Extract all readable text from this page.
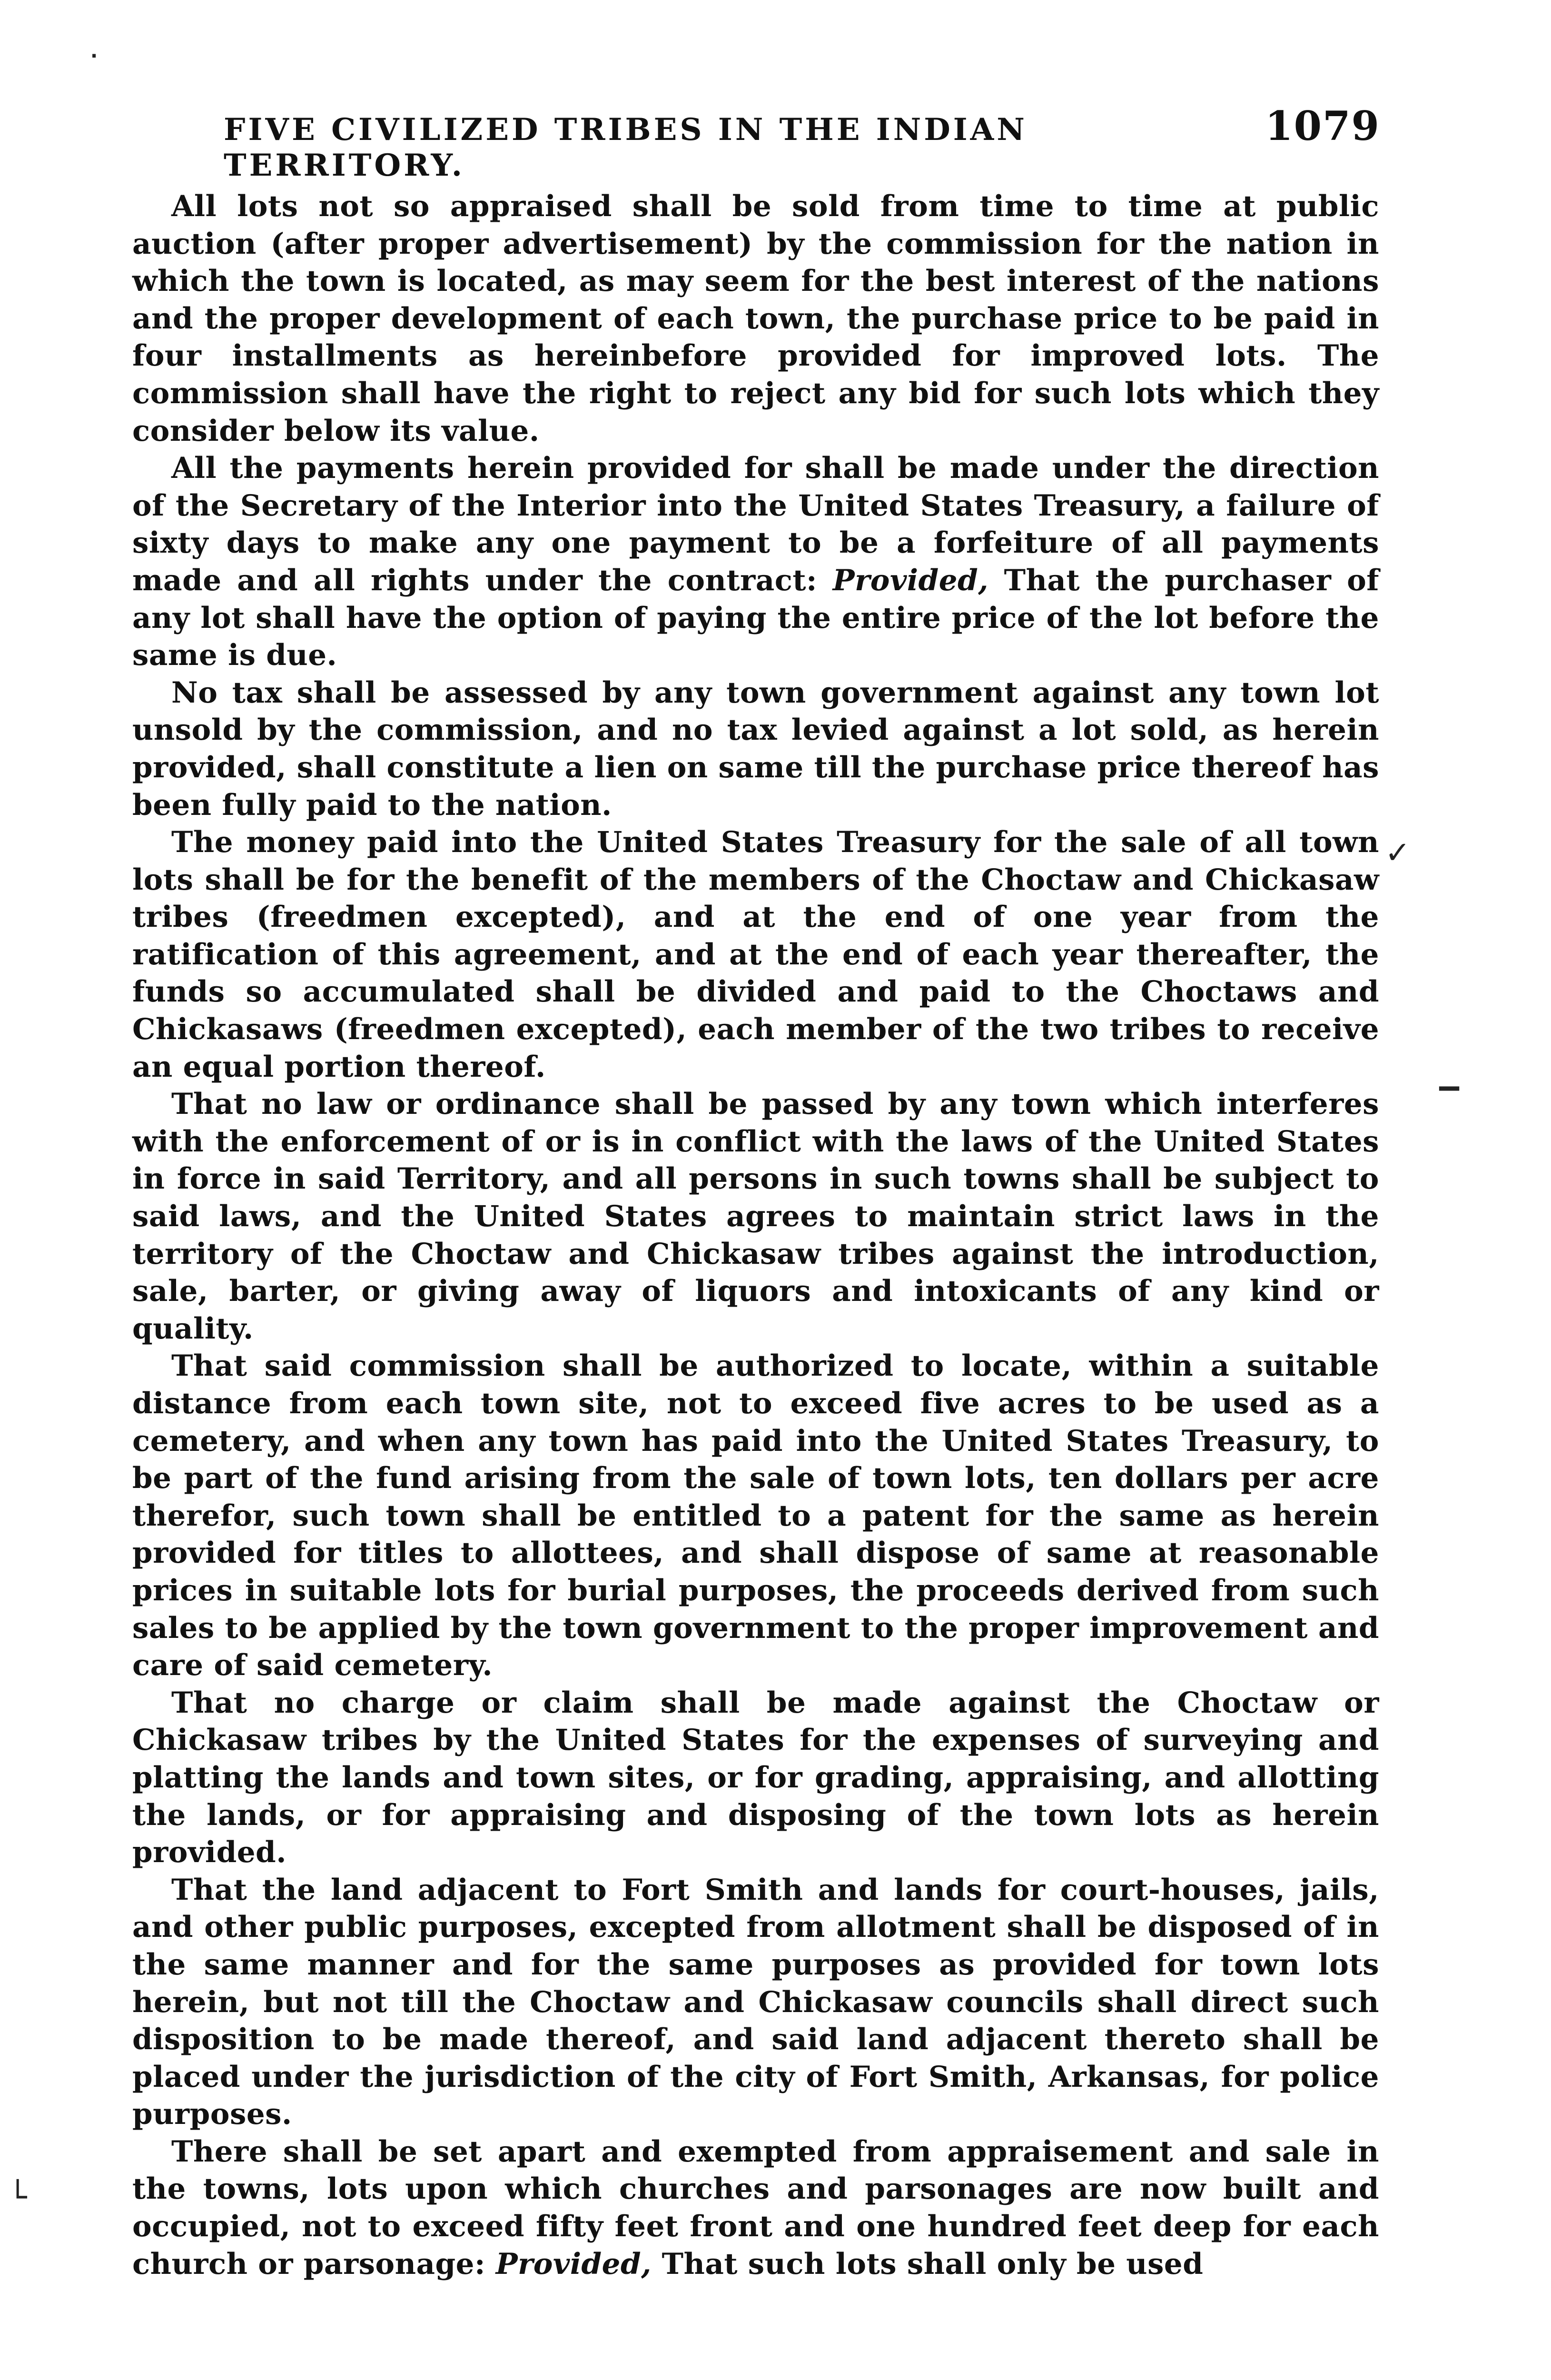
·
FIVE CIVILIZED TRIBES IN THE INDIAN TERRITORY.
1079

All lots not so appraised shall be sold from time to time at public auction (after proper advertisement) by the commission for the nation in which the town is located, as may seem for the best interest of the nations and the proper development of each town, the purchase price to be paid in four installments as hereinbefore provided for improved lots. The commission shall have the right to reject any bid for such lots which they consider below its value.

All the payments herein provided for shall be made under the direction of the Secretary of the Interior into the United States Treasury, a failure of sixty days to make any one payment to be a forfeiture of all payments made and all rights under the contract: Provided, That the purchaser of any lot shall have the option of paying the entire price of the lot before the same is due.

No tax shall be assessed by any town government against any town lot unsold by the commission, and no tax levied against a lot sold, as herein provided, shall constitute a lien on same till the purchase price thereof has been fully paid to the nation.

The money paid into the United States Treasury for the sale of all town lots shall be for the benefit of the members of the Choctaw and Chickasaw tribes (freedmen excepted), and at the end of one year from the ratification of this agreement, and at the end of each year thereafter, the funds so accumulated shall be divided and paid to the Choctaws and Chickasaws (freedmen excepted), each member of the two tribes to receive an equal portion thereof.

That no law or ordinance shall be passed by any town which interferes with the enforcement of or is in conflict with the laws of the United States in force in said Territory, and all persons in such towns shall be subject to said laws, and the United States agrees to maintain strict laws in the territory of the Choctaw and Chickasaw tribes against the introduction, sale, barter, or giving away of liquors and intoxicants of any kind or quality.

That said commission shall be authorized to locate, within a suitable distance from each town site, not to exceed five acres to be used as a cemetery, and when any town has paid into the United States Treasury, to be part of the fund arising from the sale of town lots, ten dollars per acre therefor, such town shall be entitled to a patent for the same as herein provided for titles to allottees, and shall dispose of same at reasonable prices in suitable lots for burial purposes, the proceeds derived from such sales to be applied by the town government to the proper improvement and care of said cemetery.

That no charge or claim shall be made against the Choctaw or Chickasaw tribes by the United States for the expenses of surveying and platting the lands and town sites, or for grading, appraising, and allotting the lands, or for appraising and disposing of the town lots as herein provided.

That the land adjacent to Fort Smith and lands for court-houses, jails, and other public purposes, excepted from allotment shall be disposed of in the same manner and for the same purposes as provided for town lots herein, but not till the Choctaw and Chickasaw councils shall direct such disposition to be made thereof, and said land adjacent thereto shall be placed under the jurisdiction of the city of Fort Smith, Arkansas, for police purposes.

There shall be set apart and exempted from appraisement and sale in the towns, lots upon which churches and parsonages are now built and occupied, not to exceed fifty feet front and one hundred feet deep for each church or parsonage: Provided, That such lots shall only be used

✓
‒
└
